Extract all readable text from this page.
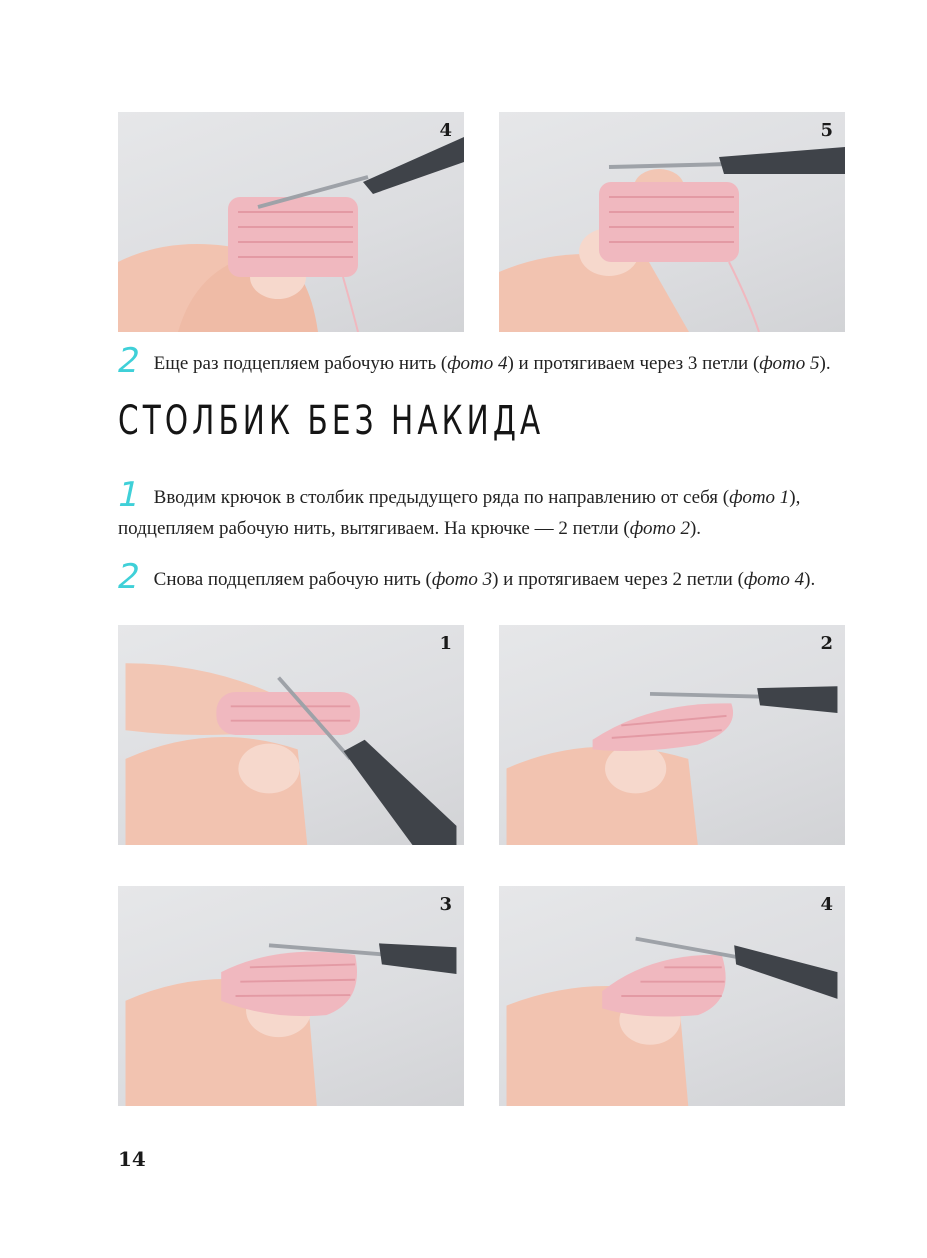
4	5
2 Еще раз подцепляем рабочую нить (фото 4) и протягиваем через 3 петли (фото 5).
СТОЛБИК БЕЗ НАКИДА
1 Вводим крючок в столбик предыдущего ряда по направлению от себя (фото 1), подцепляем рабочую нить, вытягиваем. На крючке — 2 петли (фото 2).
2 Снова подцепляем рабочую нить (фото 3) и протягиваем через 2 петли (фото 4).
1	2
3	4
14
